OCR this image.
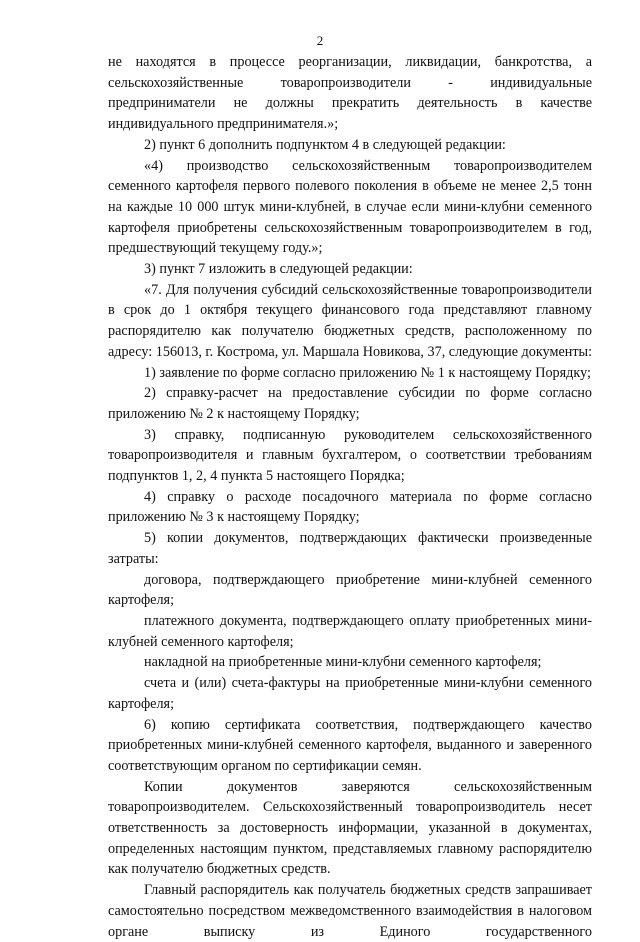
2

не находятся в процессе реорганизации, ликвидации, банкротства, а сельскохозяйственные товаропроизводители - индивидуальные предприниматели не должны прекратить деятельность в качестве индивидуального предпринимателя.»;

2) пункт 6 дополнить подпунктом 4 в следующей редакции:

«4) производство сельскохозяйственным товаропроизводителем семенного картофеля первого полевого поколения в объеме не менее 2,5 тонн на каждые 10 000 штук мини-клубней, в случае если мини-клубни семенного картофеля приобретены сельскохозяйственным товаропроизводителем в год, предшествующий текущему году.»;

3) пункт 7 изложить в следующей редакции:

«7. Для получения субсидий сельскохозяйственные товаропроизводители в срок до 1 октября текущего финансового года представляют главному распорядителю как получателю бюджетных средств, расположенному по адресу: 156013, г. Кострома, ул. Маршала Новикова, 37, следующие документы:

1) заявление по форме согласно приложению № 1 к настоящему Порядку;

2) справку-расчет на предоставление субсидии по форме согласно приложению № 2 к настоящему Порядку;

3) справку, подписанную руководителем сельскохозяйственного товаропроизводителя и главным бухгалтером, о соответствии требованиям подпунктов 1, 2, 4 пункта 5 настоящего Порядка;

4) справку о расходе посадочного материала по форме согласно приложению № 3 к настоящему Порядку;

5) копии документов, подтверждающих фактически произведенные затраты:

договора, подтверждающего приобретение мини-клубней семенного картофеля;

платежного документа, подтверждающего оплату приобретенных мини-клубней семенного картофеля;

накладной на приобретенные мини-клубни семенного картофеля;

счета и (или) счета-фактуры на приобретенные мини-клубни семенного картофеля;

6) копию сертификата соответствия, подтверждающего качество приобретенных мини-клубней семенного картофеля, выданного и заверенного соответствующим органом по сертификации семян.

Копии документов заверяются сельскохозяйственным товаропроизводителем. Сельскохозяйственный товаропроизводитель несет ответственность за достоверность информации, указанной в документах, определенных настоящим пунктом, представляемых главному распорядителю как получателю бюджетных средств.

Главный распорядитель как получатель бюджетных средств запрашивает самостоятельно посредством межведомственного взаимодействия в налоговом органе выписку из Единого государственного
